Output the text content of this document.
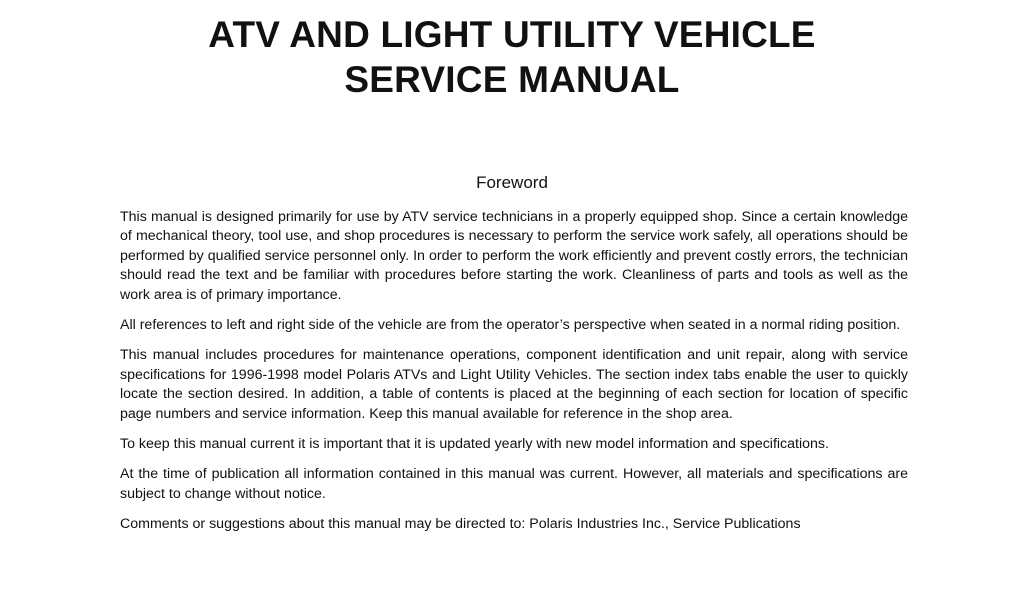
ATV AND LIGHT UTILITY VEHICLE
SERVICE MANUAL
Foreword

This manual is designed primarily for use by ATV service technicians in a properly equipped shop. Since a certain knowledge of mechanical theory, tool use, and shop procedures is necessary to perform the service work safely, all operations should be performed by qualified service personnel only. In order to perform the work efficiently and prevent costly errors, the technician should read the text and be familiar with procedures before starting the work. Cleanliness of parts and tools as well as the work area is of primary importance.

All references to left and right side of the vehicle are from the operator’s perspective when seated in a normal riding position.

This manual includes procedures for maintenance operations, component identification and unit repair, along with service specifications for 1996-1998 model Polaris ATVs and Light Utility Vehicles. The section index tabs enable the user to quickly locate the section desired. In addition, a table of contents is placed at the beginning of each section for location of specific page numbers and service information. Keep this manual available for reference in the shop area.

To keep this manual current it is important that it is updated yearly with new model information and specifications.

At the time of publication all information contained in this manual was current. However, all materials and specifications are subject to change without notice.

Comments or suggestions about this manual may be directed to: Polaris Industries Inc., Service Publications
